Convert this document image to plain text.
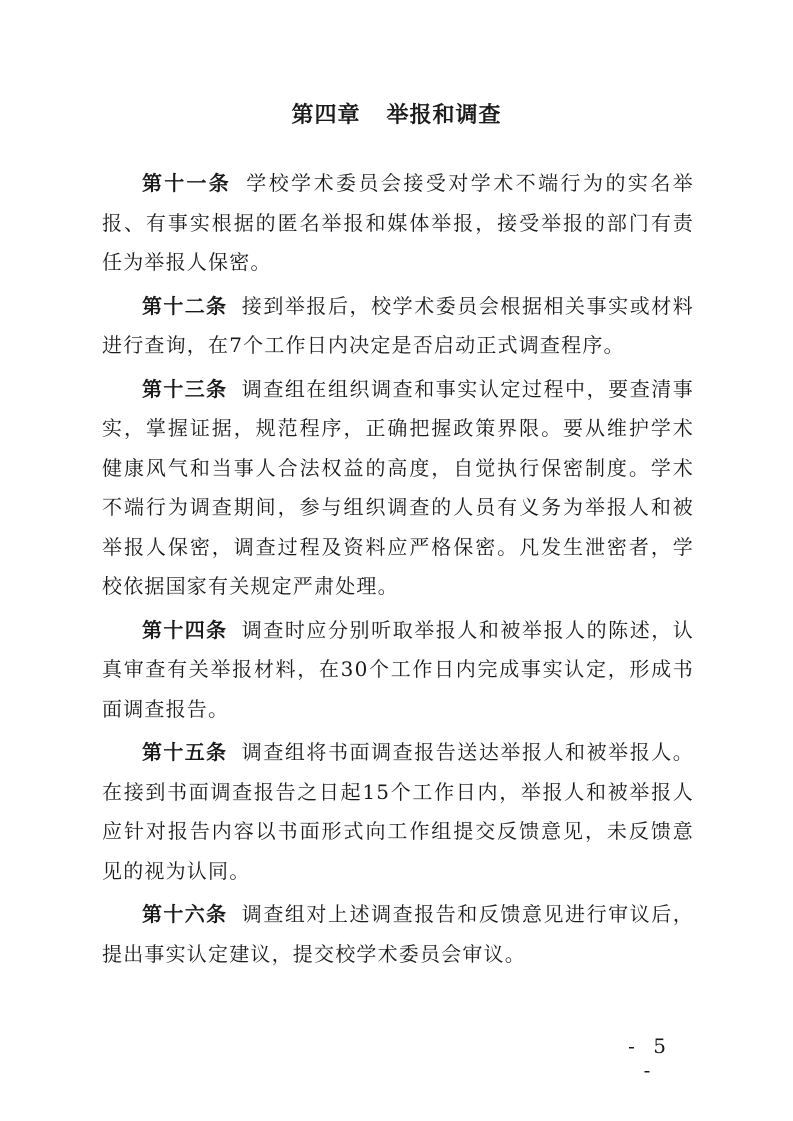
第四章 举报和调查

第十一条 学校学术委员会接受对学术不端行为的实名举报、有事实根据的匿名举报和媒体举报，接受举报的部门有责任为举报人保密。

第十二条 接到举报后，校学术委员会根据相关事实或材料进行查询，在7个工作日内决定是否启动正式调查程序。

第十三条 调查组在组织调查和事实认定过程中，要查清事实，掌握证据，规范程序，正确把握政策界限。要从维护学术健康风气和当事人合法权益的高度，自觉执行保密制度。学术不端行为调查期间，参与组织调查的人员有义务为举报人和被举报人保密，调查过程及资料应严格保密。凡发生泄密者，学校依据国家有关规定严肃处理。

第十四条 调查时应分别听取举报人和被举报人的陈述，认真审查有关举报材料，在30个工作日内完成事实认定，形成书面调查报告。

第十五条 调查组将书面调查报告送达举报人和被举报人。在接到书面调查报告之日起15个工作日内，举报人和被举报人应针对报告内容以书面形式向工作组提交反馈意见，未反馈意见的视为认同。

第十六条 调查组对上述调查报告和反馈意见进行审议后，提出事实认定建议，提交校学术委员会审议。

- 5 -
